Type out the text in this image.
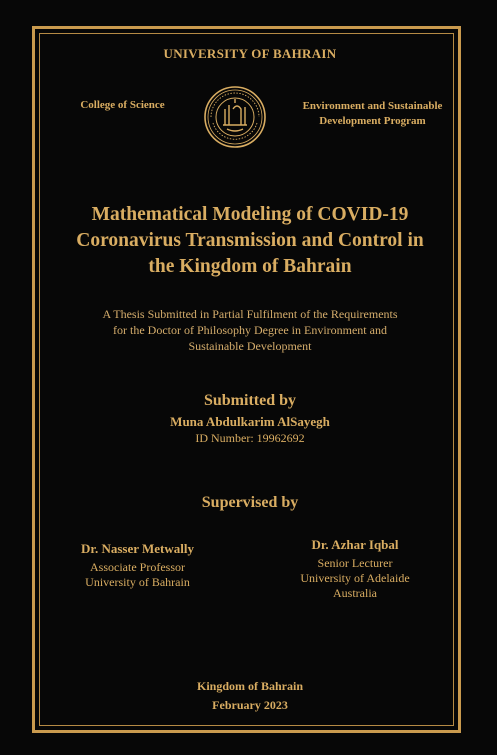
UNIVERSITY OF BAHRAIN
College of Science	Environment and Sustainable
Development Program
Mathematical Modeling of COVID-19
Coronavirus Transmission and Control in
the Kingdom of Bahrain
A Thesis Submitted in Partial Fulfilment of the Requirements
for the Doctor of Philosophy Degree in Environment and
Sustainable Development
Submitted by
Muna Abdulkarim AlSayegh
ID Number: 19962692
Supervised by
Dr. Nasser Metwally
Associate Professor
University of Bahrain
Dr. Azhar Iqbal
Senior Lecturer
University of Adelaide
Australia
Kingdom of Bahrain
February 2023
